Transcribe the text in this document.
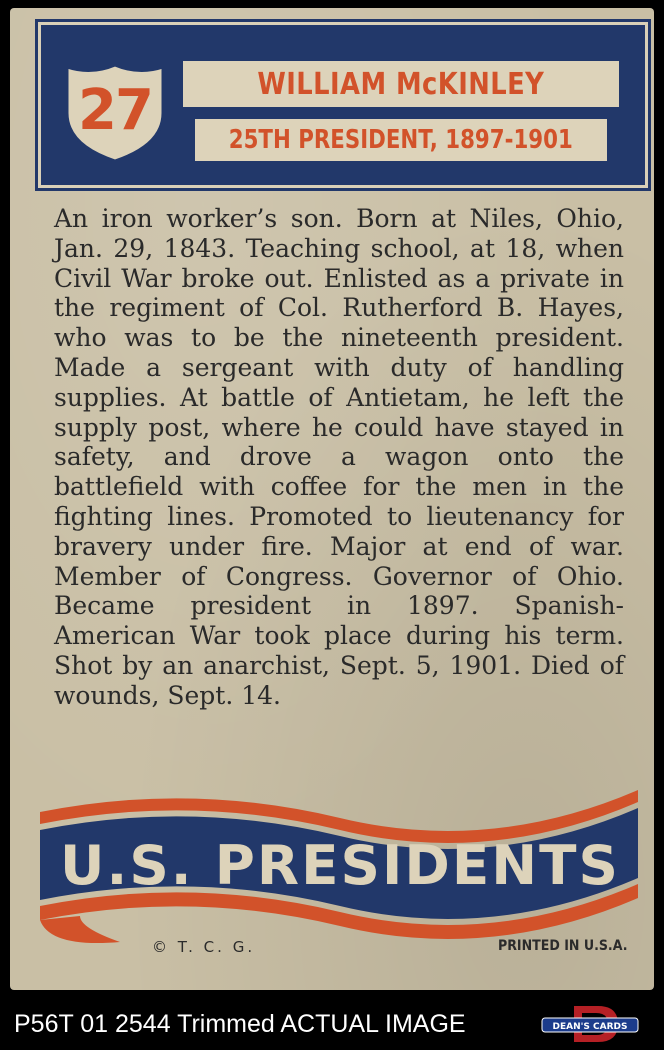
27	WILLIAM McKINLEY
25TH PRESIDENT, 1897-1901

An iron worker’s son. Born at Niles, Ohio, Jan. 29, 1843. Teaching school, at 18, when Civil War broke out. Enlisted as a private in the regiment of Col. Rutherford B. Hayes, who was to be the nineteenth president. Made a sergeant with duty of handling supplies. At battle of Antietam, he left the supply post, where he could have stayed in safety, and drove a wagon onto the battlefield with coffee for the men in the fighting lines. Promoted to lieutenancy for bravery under fire. Major at end of war. Member of Congress. Governor of Ohio. Became president in 1897. Spanish-American War took place during his term. Shot by an anarchist, Sept. 5, 1901. Died of wounds, Sept. 14.

U.S. PRESIDENTS
© T. C. G.	PRINTED IN U.S.A.
P56T 01 2544 Trimmed ACTUAL IMAGE	DEAN'S CARDS
